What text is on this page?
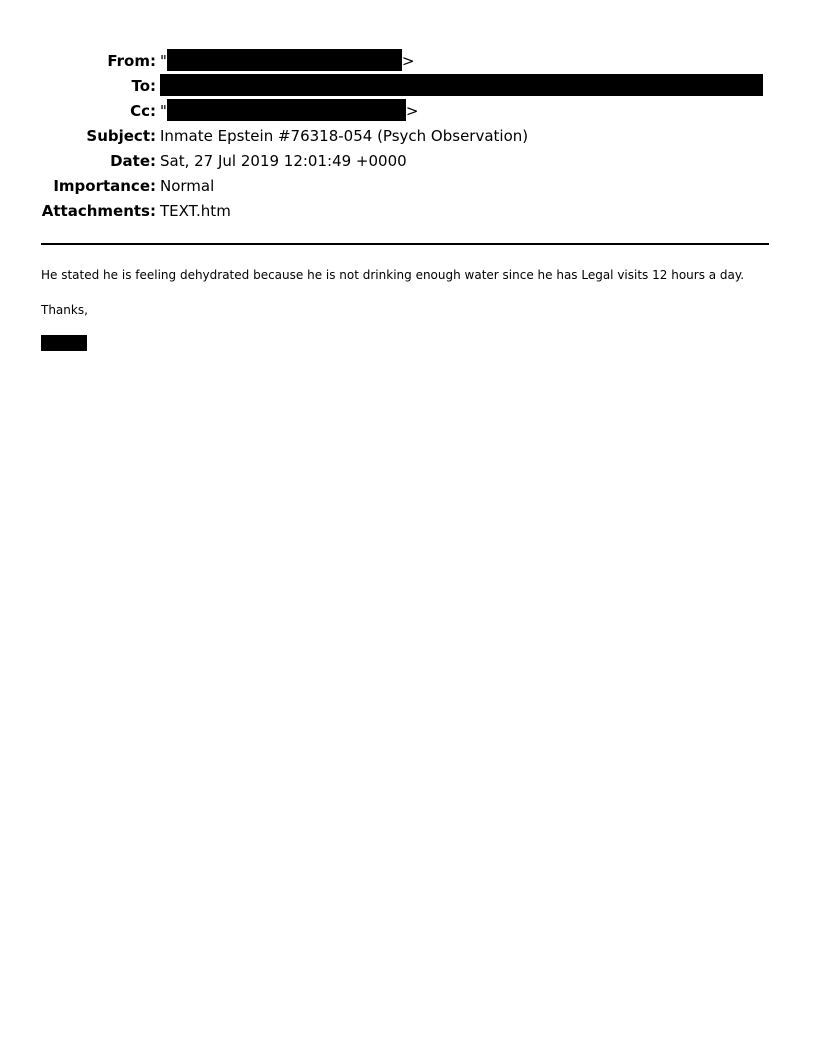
From: "	>
To:
Cc: "	>
Subject: Inmate Epstein #76318-054 (Psych Observation)
Date: Sat, 27 Jul 2019 12:01:49 +0000
Importance: Normal
Attachments: TEXT.htm
He stated he is feeling dehydrated because he is not drinking enough water since he has Legal visits 12 hours a day.
Thanks,
